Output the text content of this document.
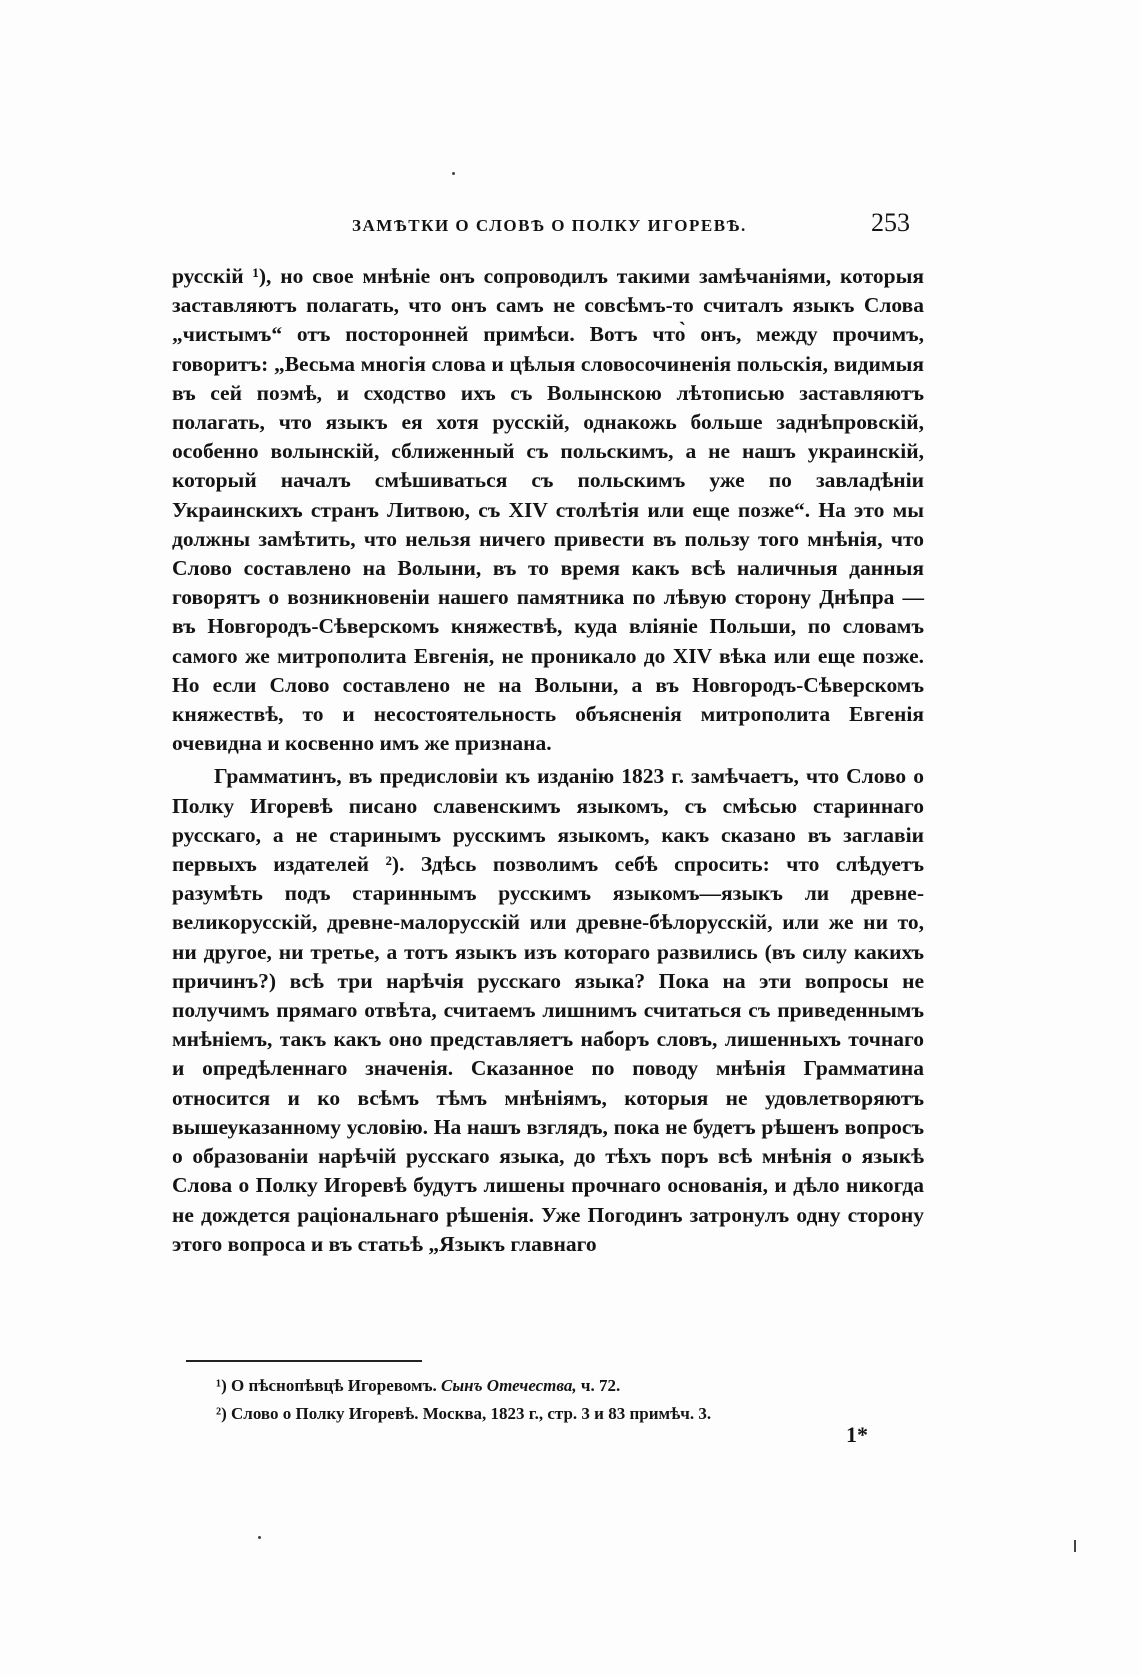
ЗАМѢТКИ О СЛОВѢ О ПОЛКУ ИГОРЕВѢ.	253

русскій ¹), но свое мнѣніе онъ сопроводилъ такими замѣчаніями, которыя заставляютъ полагать, что онъ самъ не совсѣмъ-то считалъ языкъ Слова „чистымъ“ отъ посторонней примѣси. Вотъ что̀ онъ, между прочимъ, говоритъ: „Весьма многія слова и цѣлыя словосочиненія польскія, видимыя въ сей поэмѣ, и сходство ихъ съ Волынскою лѣтописью заставляютъ полагать, что языкъ ея хотя русскій, однакожь больше заднѣпровскій, особенно волынскій, сближенный съ польскимъ, а не нашъ украинскій, который началъ смѣшиваться съ польскимъ уже по завладѣніи Украинскихъ странъ Литвою, съ XIV столѣтія или еще позже“. На это мы должны замѣтить, что нельзя ничего привести въ пользу того мнѣнія, что Слово составлено на Волыни, въ то время какъ всѣ наличныя данныя говорятъ о возникновеніи нашего памятника по лѣвую сторону Днѣпра — въ Новгородъ-Сѣверскомъ княжествѣ, куда вліяніе Польши, по словамъ самого же митрополита Евгенія, не проникало до XIV вѣка или еще позже. Но если Слово составлено не на Волыни, а въ Новгородъ-Сѣверскомъ княжествѣ, то и несостоятельность объясненія митрополита Евгенія очевидна и косвенно имъ же признана.

Грамматинъ, въ предисловіи къ изданію 1823 г. замѣчаетъ, что Слово о Полку Игоревѣ писано славенскимъ языкомъ, съ смѣсью стариннаго русскаго, а не старинымъ русскимъ языкомъ, какъ сказано въ заглавіи первыхъ издателей ²). Здѣсь позволимъ себѣ спросить: что слѣдуетъ разумѣть подъ стариннымъ русскимъ языкомъ—языкъ ли древне-великорусскій, древне-малорусскій или древне-бѣлорусскій, или же ни то, ни другое, ни третье, а тотъ языкъ изъ котораго развились (въ силу какихъ причинъ?) всѣ три нарѣчія русскаго языка? Пока на эти вопросы не получимъ прямаго отвѣта, считаемъ лишнимъ считаться съ приведеннымъ мнѣніемъ, такъ какъ оно представляетъ наборъ словъ, лишенныхъ точнаго и опредѣленнаго значенія. Сказанное по поводу мнѣнія Грамматина относится и ко всѣмъ тѣмъ мнѣніямъ, которыя не удовлетворяютъ вышеуказанному условію. На нашъ взглядъ, пока не будетъ рѣшенъ вопросъ о образованіи нарѣчій русскаго языка, до тѣхъ поръ всѣ мнѣнія о языкѣ Слова о Полку Игоревѣ будутъ лишены прочнаго основанія, и дѣло никогда не дождется раціональнаго рѣшенія. Уже Погодинъ затронулъ одну сторону этого вопроса и въ статьѣ „Языкъ главнаго

¹) О пѣснопѣвцѣ Игоревомъ. Сынъ Отечества, ч. 72.
²) Слово о Полку Игоревѣ. Москва, 1823 г., стр. 3 и 83 примѣч. 3.
1*
